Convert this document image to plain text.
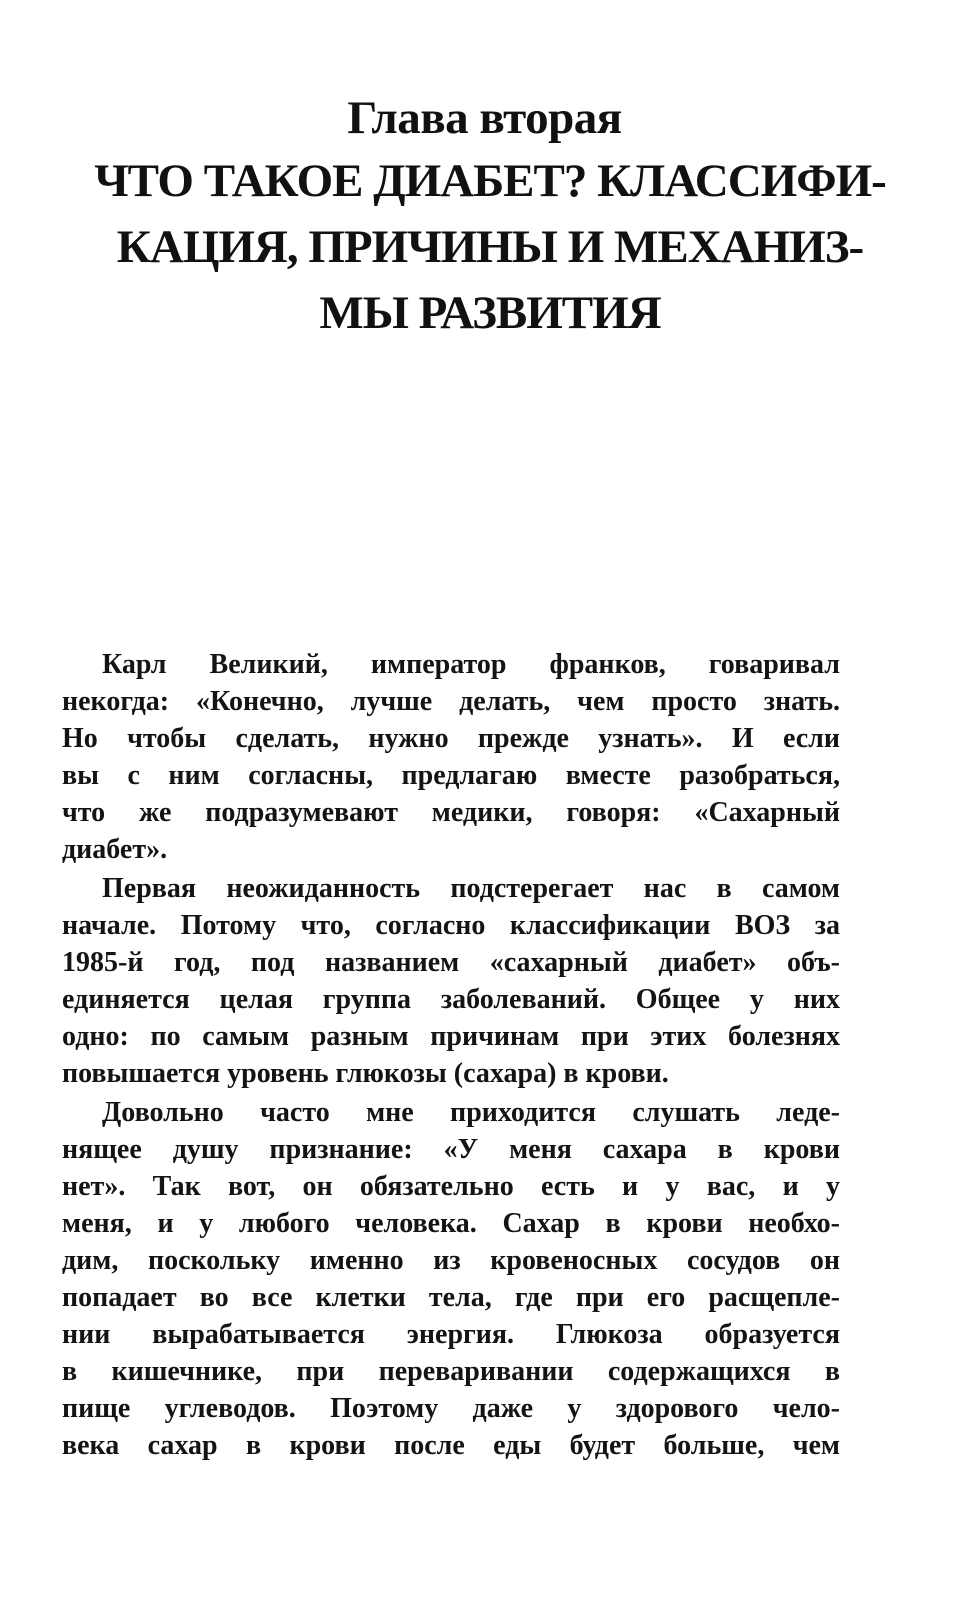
Глава вторая
ЧТО ТАКОЕ ДИАБЕТ? КЛАССИФИ-
КАЦИЯ, ПРИЧИНЫ И МЕХАНИЗ-
МЫ РАЗВИТИЯ

Карл Великий, император франков, говаривал
некогда: «Конечно, лучше делать, чем просто знать.
Но чтобы сделать, нужно прежде узнать». И если
вы с ним согласны, предлагаю вместе разобраться,
что же подразумевают медики, говоря: «Сахарный
диабет».

Первая неожиданность подстерегает нас в самом
начале. Потому что, согласно классификации ВОЗ за
1985-й год, под названием «сахарный диабет» объ-
единяется целая группа заболеваний. Общее у них
одно: по самым разным причинам при этих болезнях
повышается уровень глюкозы (сахара) в крови.

Довольно часто мне приходится слушать леде-
нящее душу признание: «У меня сахара в крови
нет». Так вот, он обязательно есть и у вас, и у
меня, и у любого человека. Сахар в крови необхо-
дим, поскольку именно из кровеносных сосудов он
попадает во все клетки тела, где при его расщепле-
нии вырабатывается энергия. Глюкоза образуется
в кишечнике, при переваривании содержащихся в
пище углеводов. Поэтому даже у здорового чело-
века сахар в крови после еды будет больше, чем
